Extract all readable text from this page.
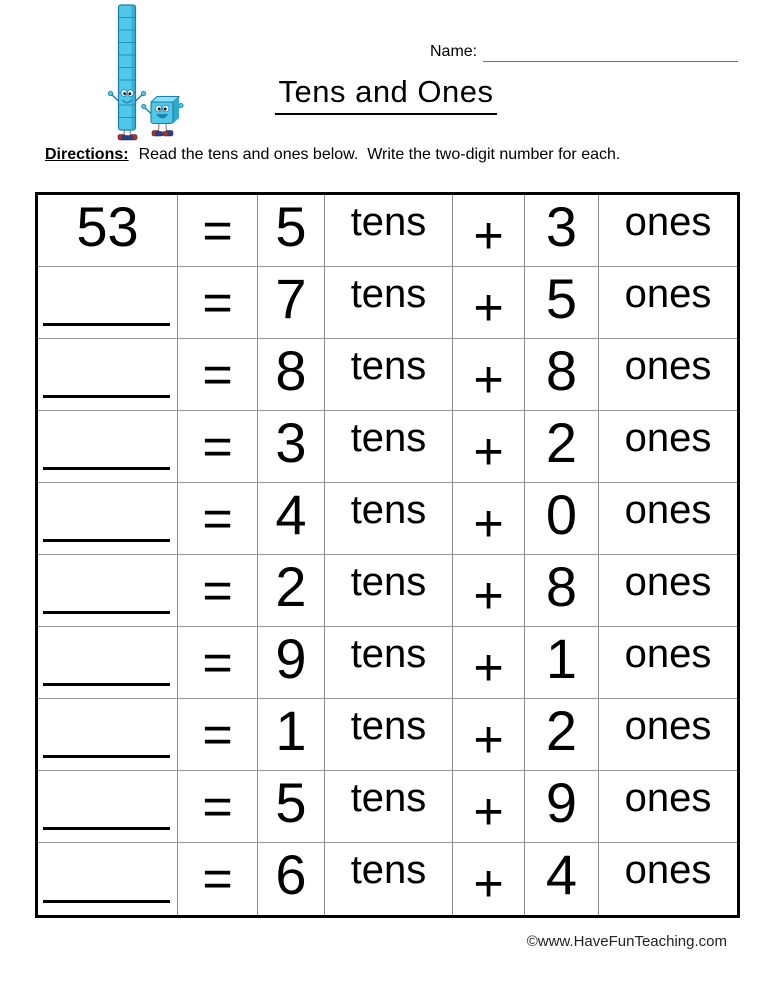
Name:
Tens and Ones

Directions: Read the tens and ones below.  Write the two-digit number for each.

53	= 5 tens + 3 ones
= 7 tens + 5 ones
= 8 tens + 8 ones
= 3 tens + 2 ones
= 4 tens + 0 ones
= 2 tens + 8 ones
= 9 tens + 1 ones
= 1 tens + 2 ones
= 5 tens + 9 ones
= 6 tens + 4 ones
©www.HaveFunTeaching.com
